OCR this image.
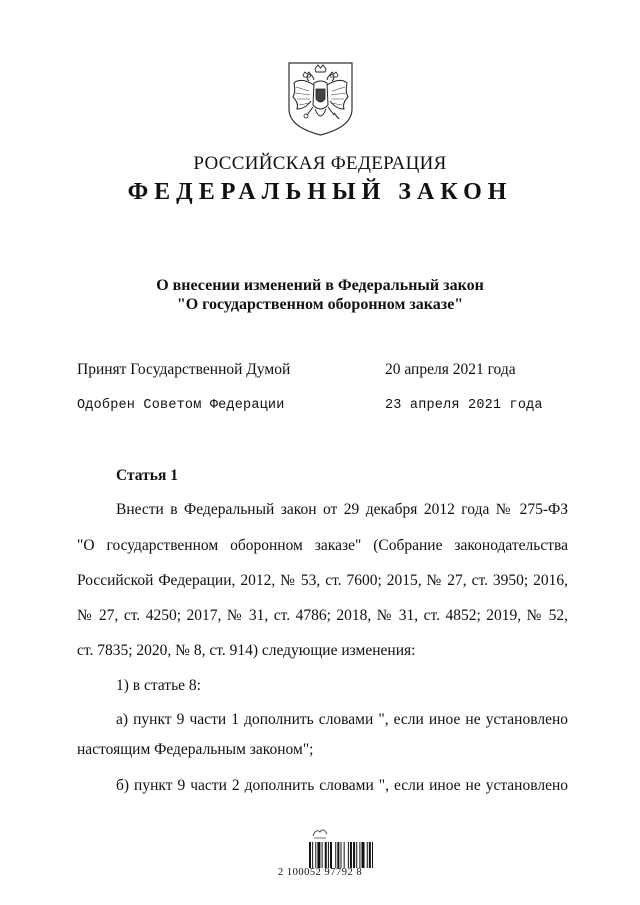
РОССИЙСКАЯ ФЕДЕРАЦИЯ
ФЕДЕРАЛЬНЫЙ ЗАКОН
О внесении изменений в Федеральный закон
"О государственном оборонном заказе"
Принят Государственной Думой	20 апреля 2021 года
Одобрен Советом Федерации	23 апреля 2021 года
Статья 1
Внести в Федеральный закон от 29 декабря 2012 года № 275-ФЗ
"О государственном оборонном заказе" (Собрание законодательства
Российской Федерации, 2012, № 53, ст. 7600; 2015, № 27, ст. 3950; 2016,
№ 27, ст. 4250; 2017, № 31, ст. 4786; 2018, № 31, ст. 4852; 2019, № 52,
ст. 7835; 2020, № 8, ст. 914) следующие изменения:
1) в статье 8:
а) пункт 9 части 1 дополнить словами ", если иное не установлено
настоящим Федеральным законом";
б) пункт 9 части 2 дополнить словами ", если иное не установлено
2 100052 97792 8
